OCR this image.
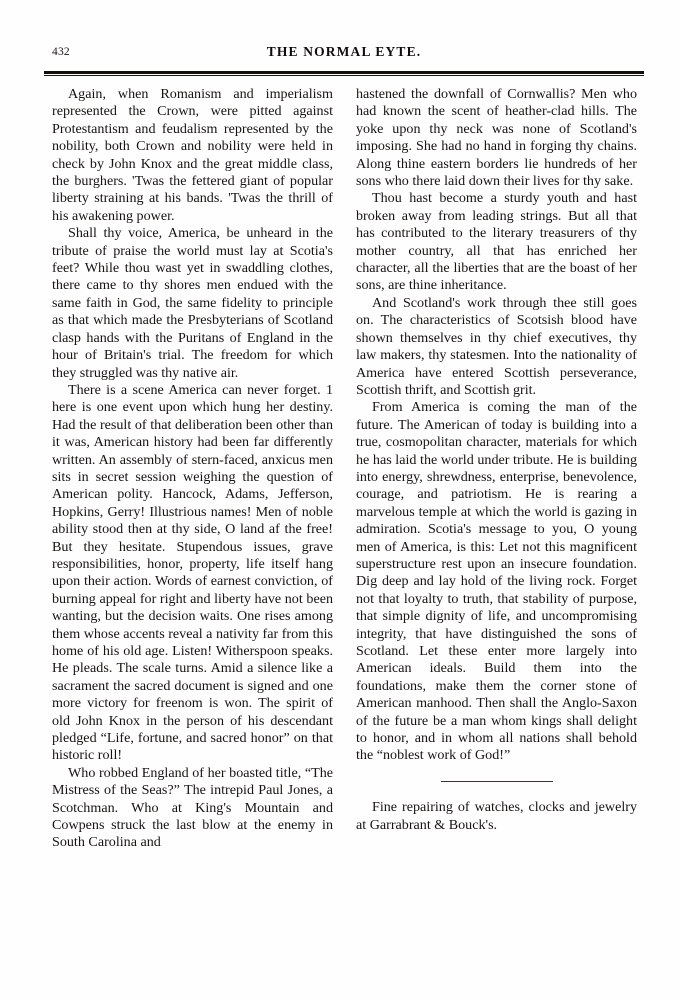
432	THE NORMAL EYTE.

Again, when Romanism and imperialism represented the Crown, were pitted against Protestantism and feudalism represented by the nobility, both Crown and nobility were held in check by John Knox and the great middle class, the burghers. 'Twas the fettered giant of popular liberty straining at his bands. 'Twas the thrill of his awakening power.

Shall thy voice, America, be unheard in the tribute of praise the world must lay at Scotia's feet? While thou wast yet in swaddling clothes, there came to thy shores men endued with the same faith in God, the same fidelity to principle as that which made the Presbyterians of Scotland clasp hands with the Puritans of England in the hour of Britain's trial. The freedom for which they struggled was thy native air.

There is a scene America can never forget. 1 here is one event upon which hung her destiny. Had the result of that deliberation been other than it was, American history had been far differently written. An assembly of stern-faced, anxicus men sits in secret session weighing the question of American polity. Hancock, Adams, Jefferson, Hopkins, Gerry! Illustrious names! Men of noble ability stood then at thy side, O land af the free! But they hesitate. Stupendous issues, grave responsibilities, honor, property, life itself hang upon their action. Words of earnest conviction, of burning appeal for right and liberty have not been wanting, but the decision waits. One rises among them whose accents reveal a nativity far from this home of his old age. Listen! Witherspoon speaks. He pleads. The scale turns. Amid a silence like a sacrament the sacred document is signed and one more victory for freenom is won. The spirit of old John Knox in the person of his descendant pledged “Life, fortune, and sacred honor” on that historic roll!

Who robbed England of her boasted title, “The Mistress of the Seas?” The intrepid Paul Jones, a Scotchman. Who at King's Mountain and Cowpens struck the last blow at the enemy in South Carolina and

hastened the downfall of Cornwallis? Men who had known the scent of heather-clad hills. The yoke upon thy neck was none of Scotland's imposing. She had no hand in forging thy chains. Along thine eastern borders lie hundreds of her sons who there laid down their lives for thy sake.

Thou hast become a sturdy youth and hast broken away from leading strings. But all that has contributed to the literary treasurers of thy mother country, all that has enriched her character, all the liberties that are the boast of her sons, are thine inheritance.

And Scotland's work through thee still goes on. The characteristics of Scotsish blood have shown themselves in thy chief executives, thy law makers, thy statesmen. Into the nationality of America have entered Scottish perseverance, Scottish thrift, and Scottish grit.

From America is coming the man of the future. The American of today is building into a true, cosmopolitan character, materials for which he has laid the world under tribute. He is building into energy, shrewdness, enterprise, benevolence, courage, and patriotism. He is rearing a marvelous temple at which the world is gazing in admiration. Scotia's message to you, O young men of America, is this: Let not this magnificent superstructure rest upon an insecure foundation. Dig deep and lay hold of the living rock. Forget not that loyalty to truth, that stability of purpose, that simple dignity of life, and uncompromising integrity, that have distinguished the sons of Scotland. Let these enter more largely into American ideals. Build them into the foundations, make them the corner stone of American manhood. Then shall the Anglo-Saxon of the future be a man whom kings shall delight to honor, and in whom all nations shall behold the “noblest work of God!”

Fine repairing of watches, clocks and jewelry at Garrabrant & Bouck's.
